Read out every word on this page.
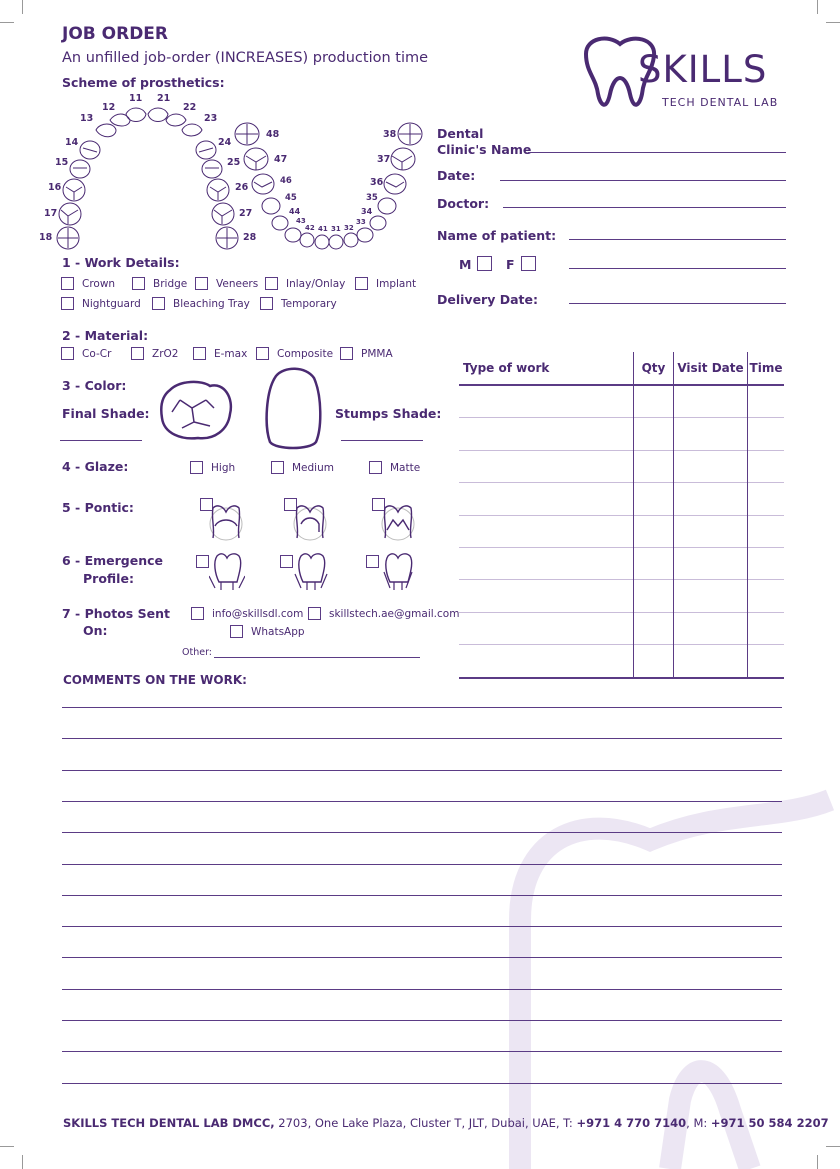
JOB ORDER
An unfilled job-order (INCREASES) production time
Scheme of prosthetics:	SKILLS
TECH DENTAL LAB
18
17
16
15
14
13
12
11 21
22
23
24
25
26
27
28
38
37
36
35
34
33
32
31
41
42
43
44
45
46
47
48	Dental
Clinic's Name
Date:
Doctor:
Name of patient:
M	F
Delivery Date:
1 - Work Details:
Crown	Bridge	Veneers	Inlay/Onlay	Implant
Nightguard	Bleaching Tray	Temporary
2 - Material:
Co-Cr	ZrO2	E-max	Composite	PMMA
3 - Color:
Final Shade:	Stumps Shade:
4 - Glaze:	High	Medium	Matte
5 - Pontic:
6 - Emergence
Profile:
7 - Photos Sent
On:
info@skillsdl.com skillstech.ae@gmail.com
WhatsApp
Other:
Type of work	Qty	Visit Date	Time

COMMENTS ON THE WORK:
SKILLS TECH DENTAL LAB DMCC, 2703, One Lake Plaza, Cluster T, JLT, Dubai, UAE, T: +971 4 770 7140, M: +971 50 584 2207
